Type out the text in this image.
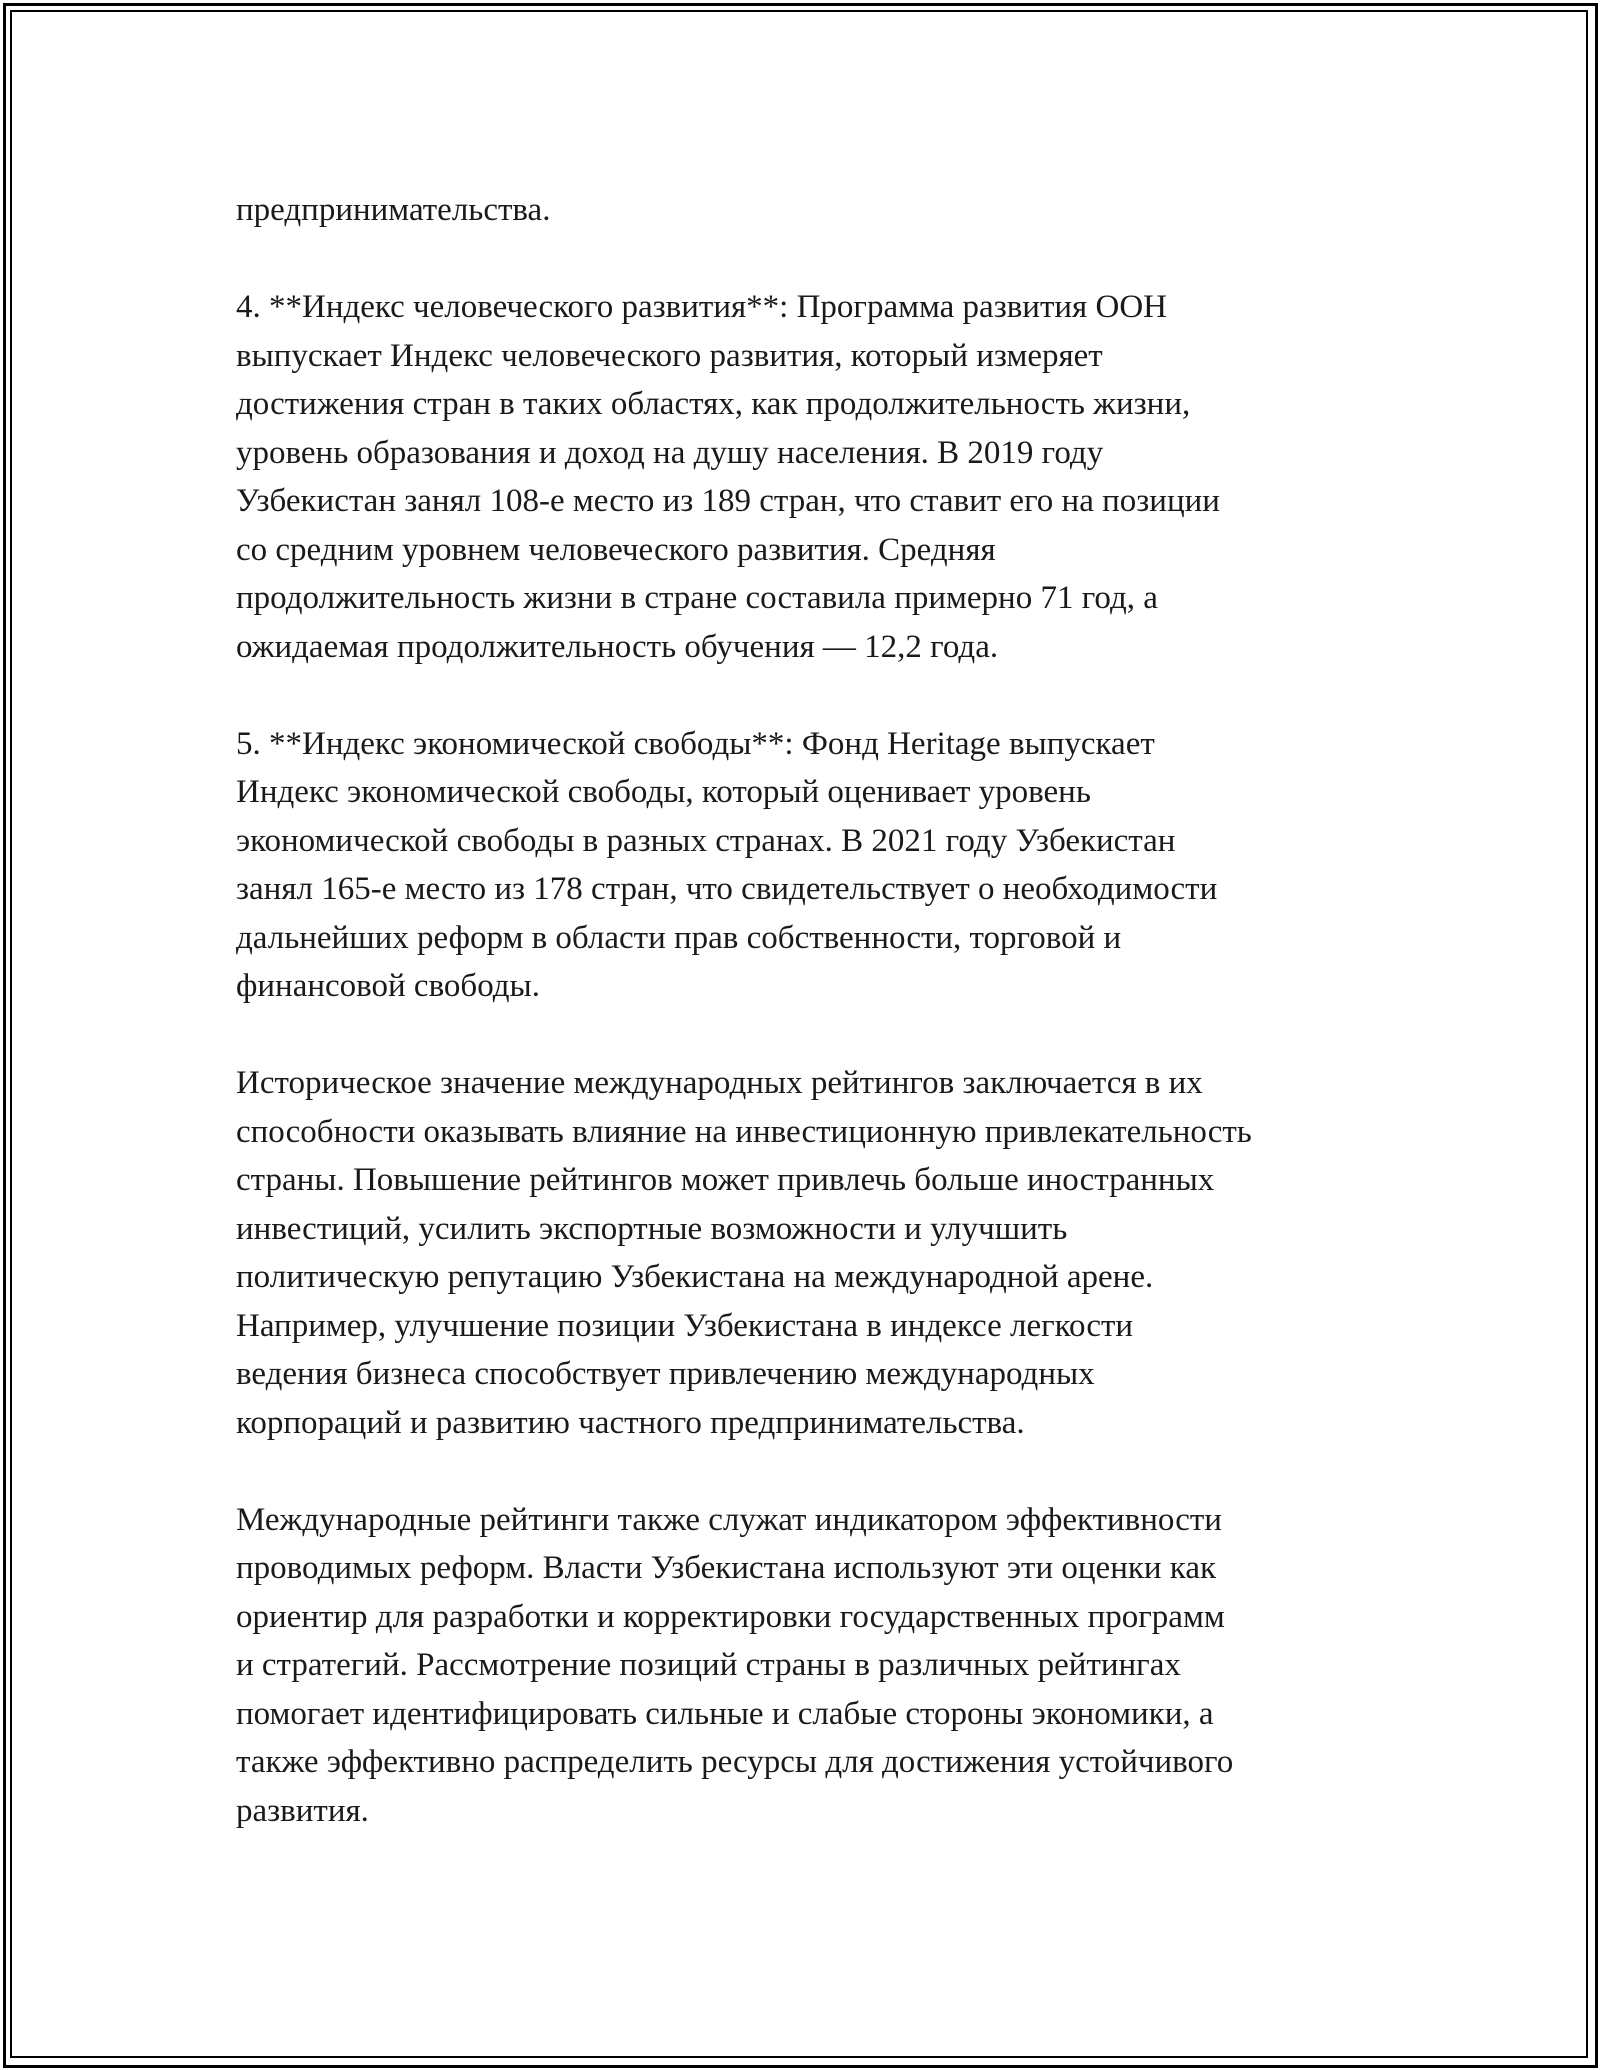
предпринимательства.

4. **Индекс человеческого развития**: Программа развития ООН
выпускает Индекс человеческого развития, который измеряет
достижения стран в таких областях, как продолжительность жизни,
уровень образования и доход на душу населения. В 2019 году
Узбекистан занял 108-е место из 189 стран, что ставит его на позиции
со средним уровнем человеческого развития. Средняя
продолжительность жизни в стране составила примерно 71 год, а
ожидаемая продолжительность обучения — 12,2 года.

5. **Индекс экономической свободы**: Фонд Heritage выпускает
Индекс экономической свободы, который оценивает уровень
экономической свободы в разных странах. В 2021 году Узбекистан
занял 165-е место из 178 стран, что свидетельствует о необходимости
дальнейших реформ в области прав собственности, торговой и
финансовой свободы.

Историческое значение международных рейтингов заключается в их
способности оказывать влияние на инвестиционную привлекательность
страны. Повышение рейтингов может привлечь больше иностранных
инвестиций, усилить экспортные возможности и улучшить
политическую репутацию Узбекистана на международной арене.
Например, улучшение позиции Узбекистана в индексе легкости
ведения бизнеса способствует привлечению международных
корпораций и развитию частного предпринимательства.

Международные рейтинги также служат индикатором эффективности
проводимых реформ. Власти Узбекистана используют эти оценки как
ориентир для разработки и корректировки государственных программ
и стратегий. Рассмотрение позиций страны в различных рейтингах
помогает идентифицировать сильные и слабые стороны экономики, а
также эффективно распределить ресурсы для достижения устойчивого
развития.
